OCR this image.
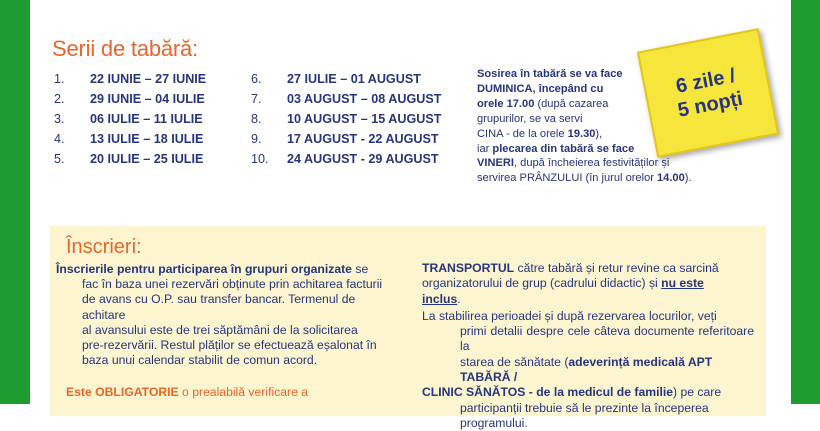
Serii de tabără:
1.	22 IUNIE – 27 IUNIE
2.	29 IUNIE – 04 IULIE
3.	06 IULIE – 11 IULIE
4.	13 IULIE – 18 IULIE
5.	20 IULIE – 25 IULIE
6.	27 IULIE – 01 AUGUST
7.	03 AUGUST – 08 AUGUST
8.	10 AUGUST – 15 AUGUST
9.	17 AUGUST - 22 AUGUST
10.	24 AUGUST - 29 AUGUST
Sosirea în tabără se va face
DUMINICA, începând cu
orele 17.00 (după cazarea
grupurilor, se va servi
CINA - de la orele 19.30),
iar plecarea din tabără se face
VINERI, după încheierea festivităților și
servirea PRÂNZULUI (în jurul orelor 14.00).
6 zile /
5 nopți
Înscrieri:

Înscrierile pentru participarea în grupuri organizate se

fac în baza unei rezervări obținute prin achitarea facturii

de avans cu O.P. sau transfer bancar. Termenul de achitare

al avansului este de trei săptămâni de la solicitarea

pre-rezervării. Restul plăților se efectuează eșalonat în

baza unui calendar stabilit de comun acord.

Este OBLIGATORIE o prealabilă verificare a

TRANSPORTUL către tabără și retur revine ca sarcină

organizatorului de grup (cadrului didactic) și nu este

inclus.

La stabilirea perioadei și după rezervarea locurilor, veți

primi detalii despre cele câteva documente referitoare la

starea de sănătate (adeverință medicală APT TABĂRĂ /

CLINIC SĂNĂTOS - de la medicul de familie) pe care

participanții trebuie să le prezinte la începerea

programului.
